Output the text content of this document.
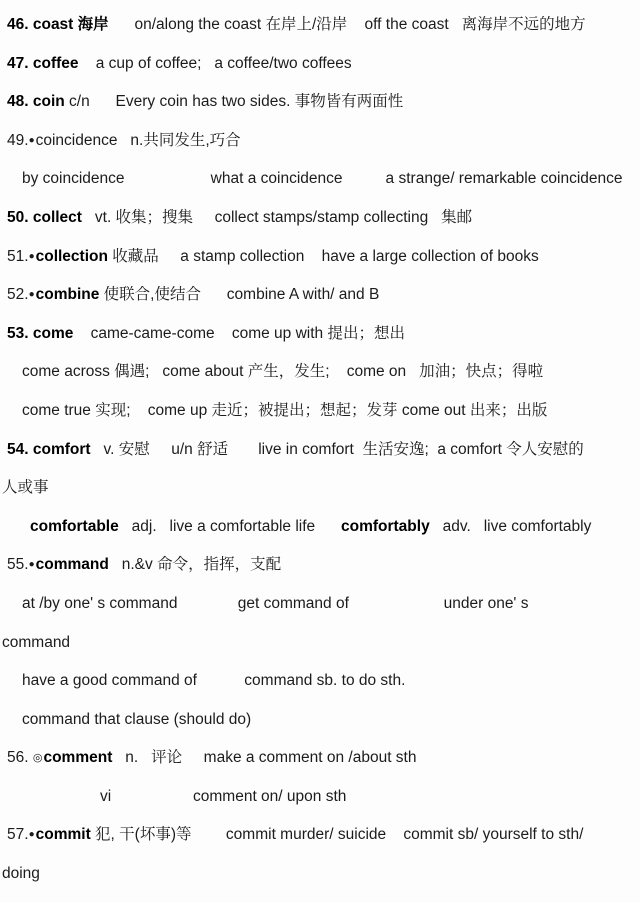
46. coast 海岸      on/along the coast 在岸上/沿岸    off the coast   离海岸不远的地方
47. coffee    a cup of coffee;   a coffee/two coffees
48. coin c/n      Every coin has two sides. 事物皆有两面性
49.●coincidence   n.共同发生,巧合
by coincidence                    what a coincidence          a strange/ remarkable coincidence
50. collect   vt. 收集；搜集     collect stamps/stamp collecting   集邮
51.●collection 收藏品     a stamp collection    have a large collection of books
52.●combine 使联合,使结合      combine A with/ and B
53. come    came-came-come    come up with 提出；想出
come across 偶遇;   come about 产生，发生;    come on   加油；快点；得啦
come true 实现;    come up 走近；被提出；想起；发芽 come out 出来；出版
54. comfort   v. 安慰     u/n 舒适       live in comfort  生活安逸;  a comfort 令人安慰的
人或事
comfortable   adj.   live a comfortable life      comfortably   adv.   live comfortably
55.●command   n.&v 命令，指挥，支配
at /by one' s command              get command of                      under one' s
command
have a good command of           command sb. to do sth.
command that clause (should do)
56. ◎comment   n.   评论     make a comment on /about sth
vi                   comment on/ upon sth
57.●commit 犯, 干(坏事)等        commit murder/ suicide    commit sb/ yourself to sth/
doing
